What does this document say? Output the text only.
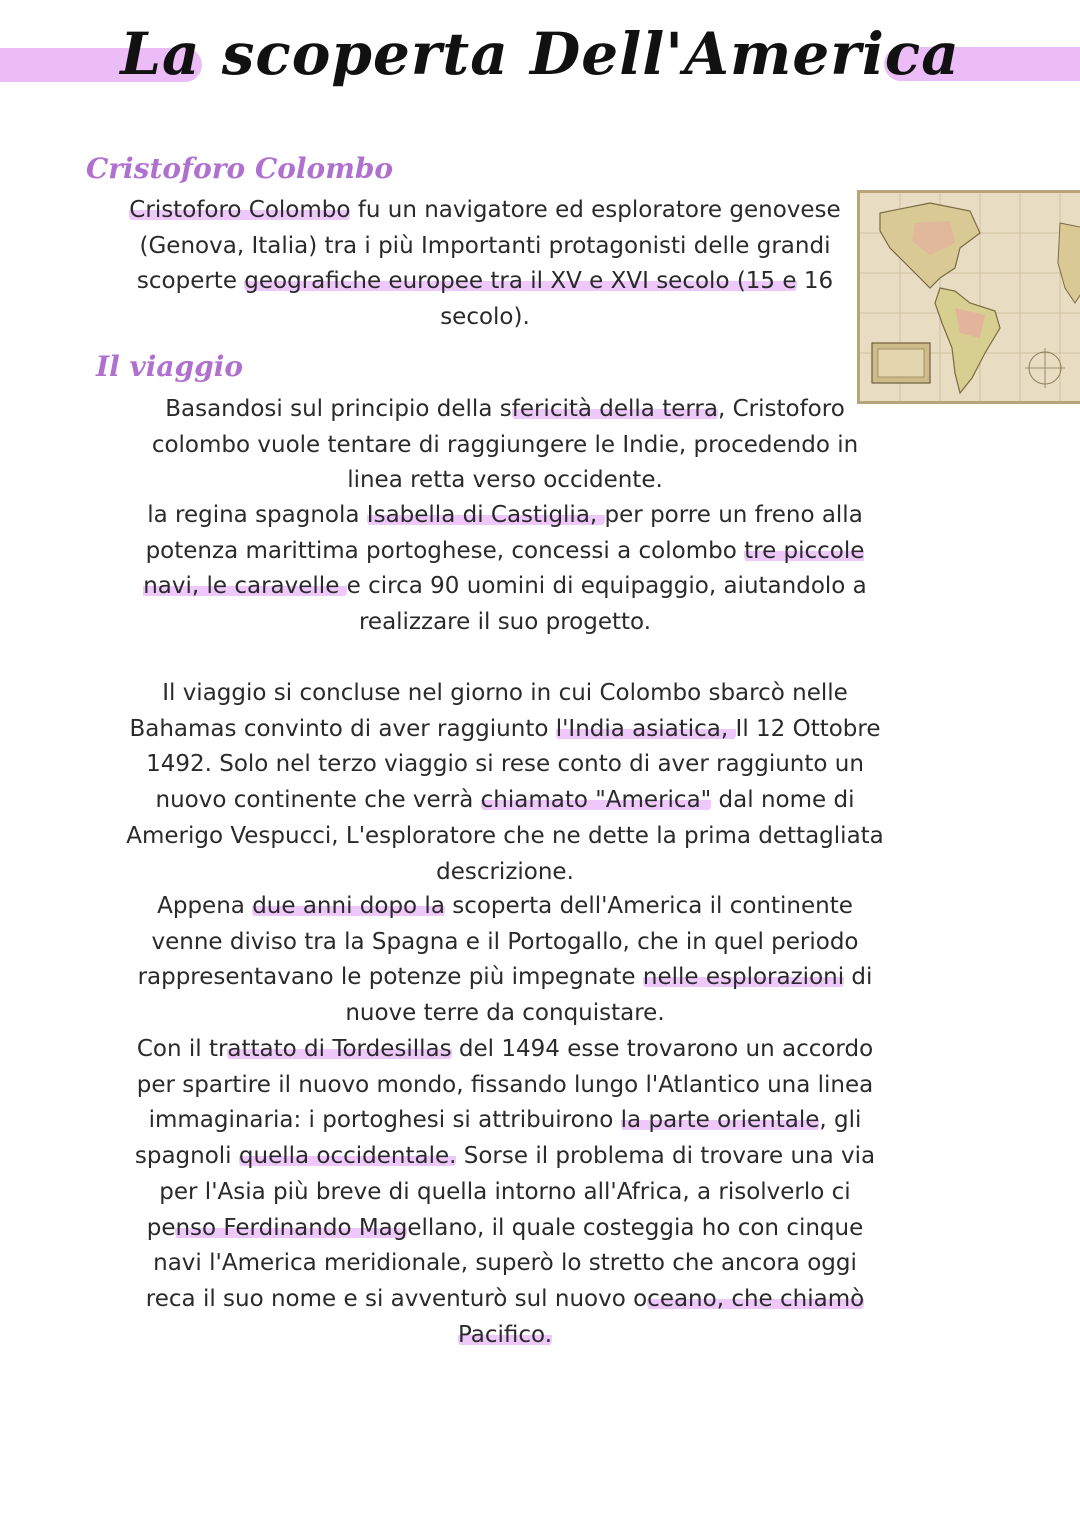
La scoperta Dell'America
Cristoforo Colombo
Cristoforo Colombo fu un navigatore ed esploratore genovese (Genova, Italia) tra i più Importanti protagonisti delle grandi scoperte geografiche europee tra il XV e XVI secolo (15 e 16 secolo).
Il viaggio
Basandosi sul principio della sfericità della terra, Cristoforo colombo vuole tentare di raggiungere le Indie, procedendo in linea retta verso occidente.
la regina spagnola Isabella di Castiglia, per porre un freno alla potenza marittima portoghese, concessi a colombo tre piccole navi, le caravelle e circa 90 uomini di equipaggio, aiutandolo a realizzare il suo progetto.
Il viaggio si concluse nel giorno in cui Colombo sbarcò nelle Bahamas convinto di aver raggiunto l'India asiatica, Il 12 Ottobre 1492. Solo nel terzo viaggio si rese conto di aver raggiunto un nuovo continente che verrà chiamato "America" dal nome di Amerigo Vespucci, L'esploratore che ne dette la prima dettagliata descrizione.
Appena due anni dopo la scoperta dell'America il continente venne diviso tra la Spagna e il Portogallo, che in quel periodo rappresentavano le potenze più impegnate nelle esplorazioni di nuove terre da conquistare.
Con il trattato di Tordesillas del 1494 esse trovarono un accordo per spartire il nuovo mondo, fissando lungo l'Atlantico una linea immaginaria: i portoghesi si attribuirono la parte orientale, gli spagnoli quella occidentale. Sorse il problema di trovare una via per l'Asia più breve di quella intorno all'Africa, a risolverlo ci penso Ferdinando Magellano, il quale costeggia ho con cinque navi l'America meridionale, superò lo stretto che ancora oggi reca il suo nome e si avventurò sul nuovo oceano, che chiamò Pacifico.
